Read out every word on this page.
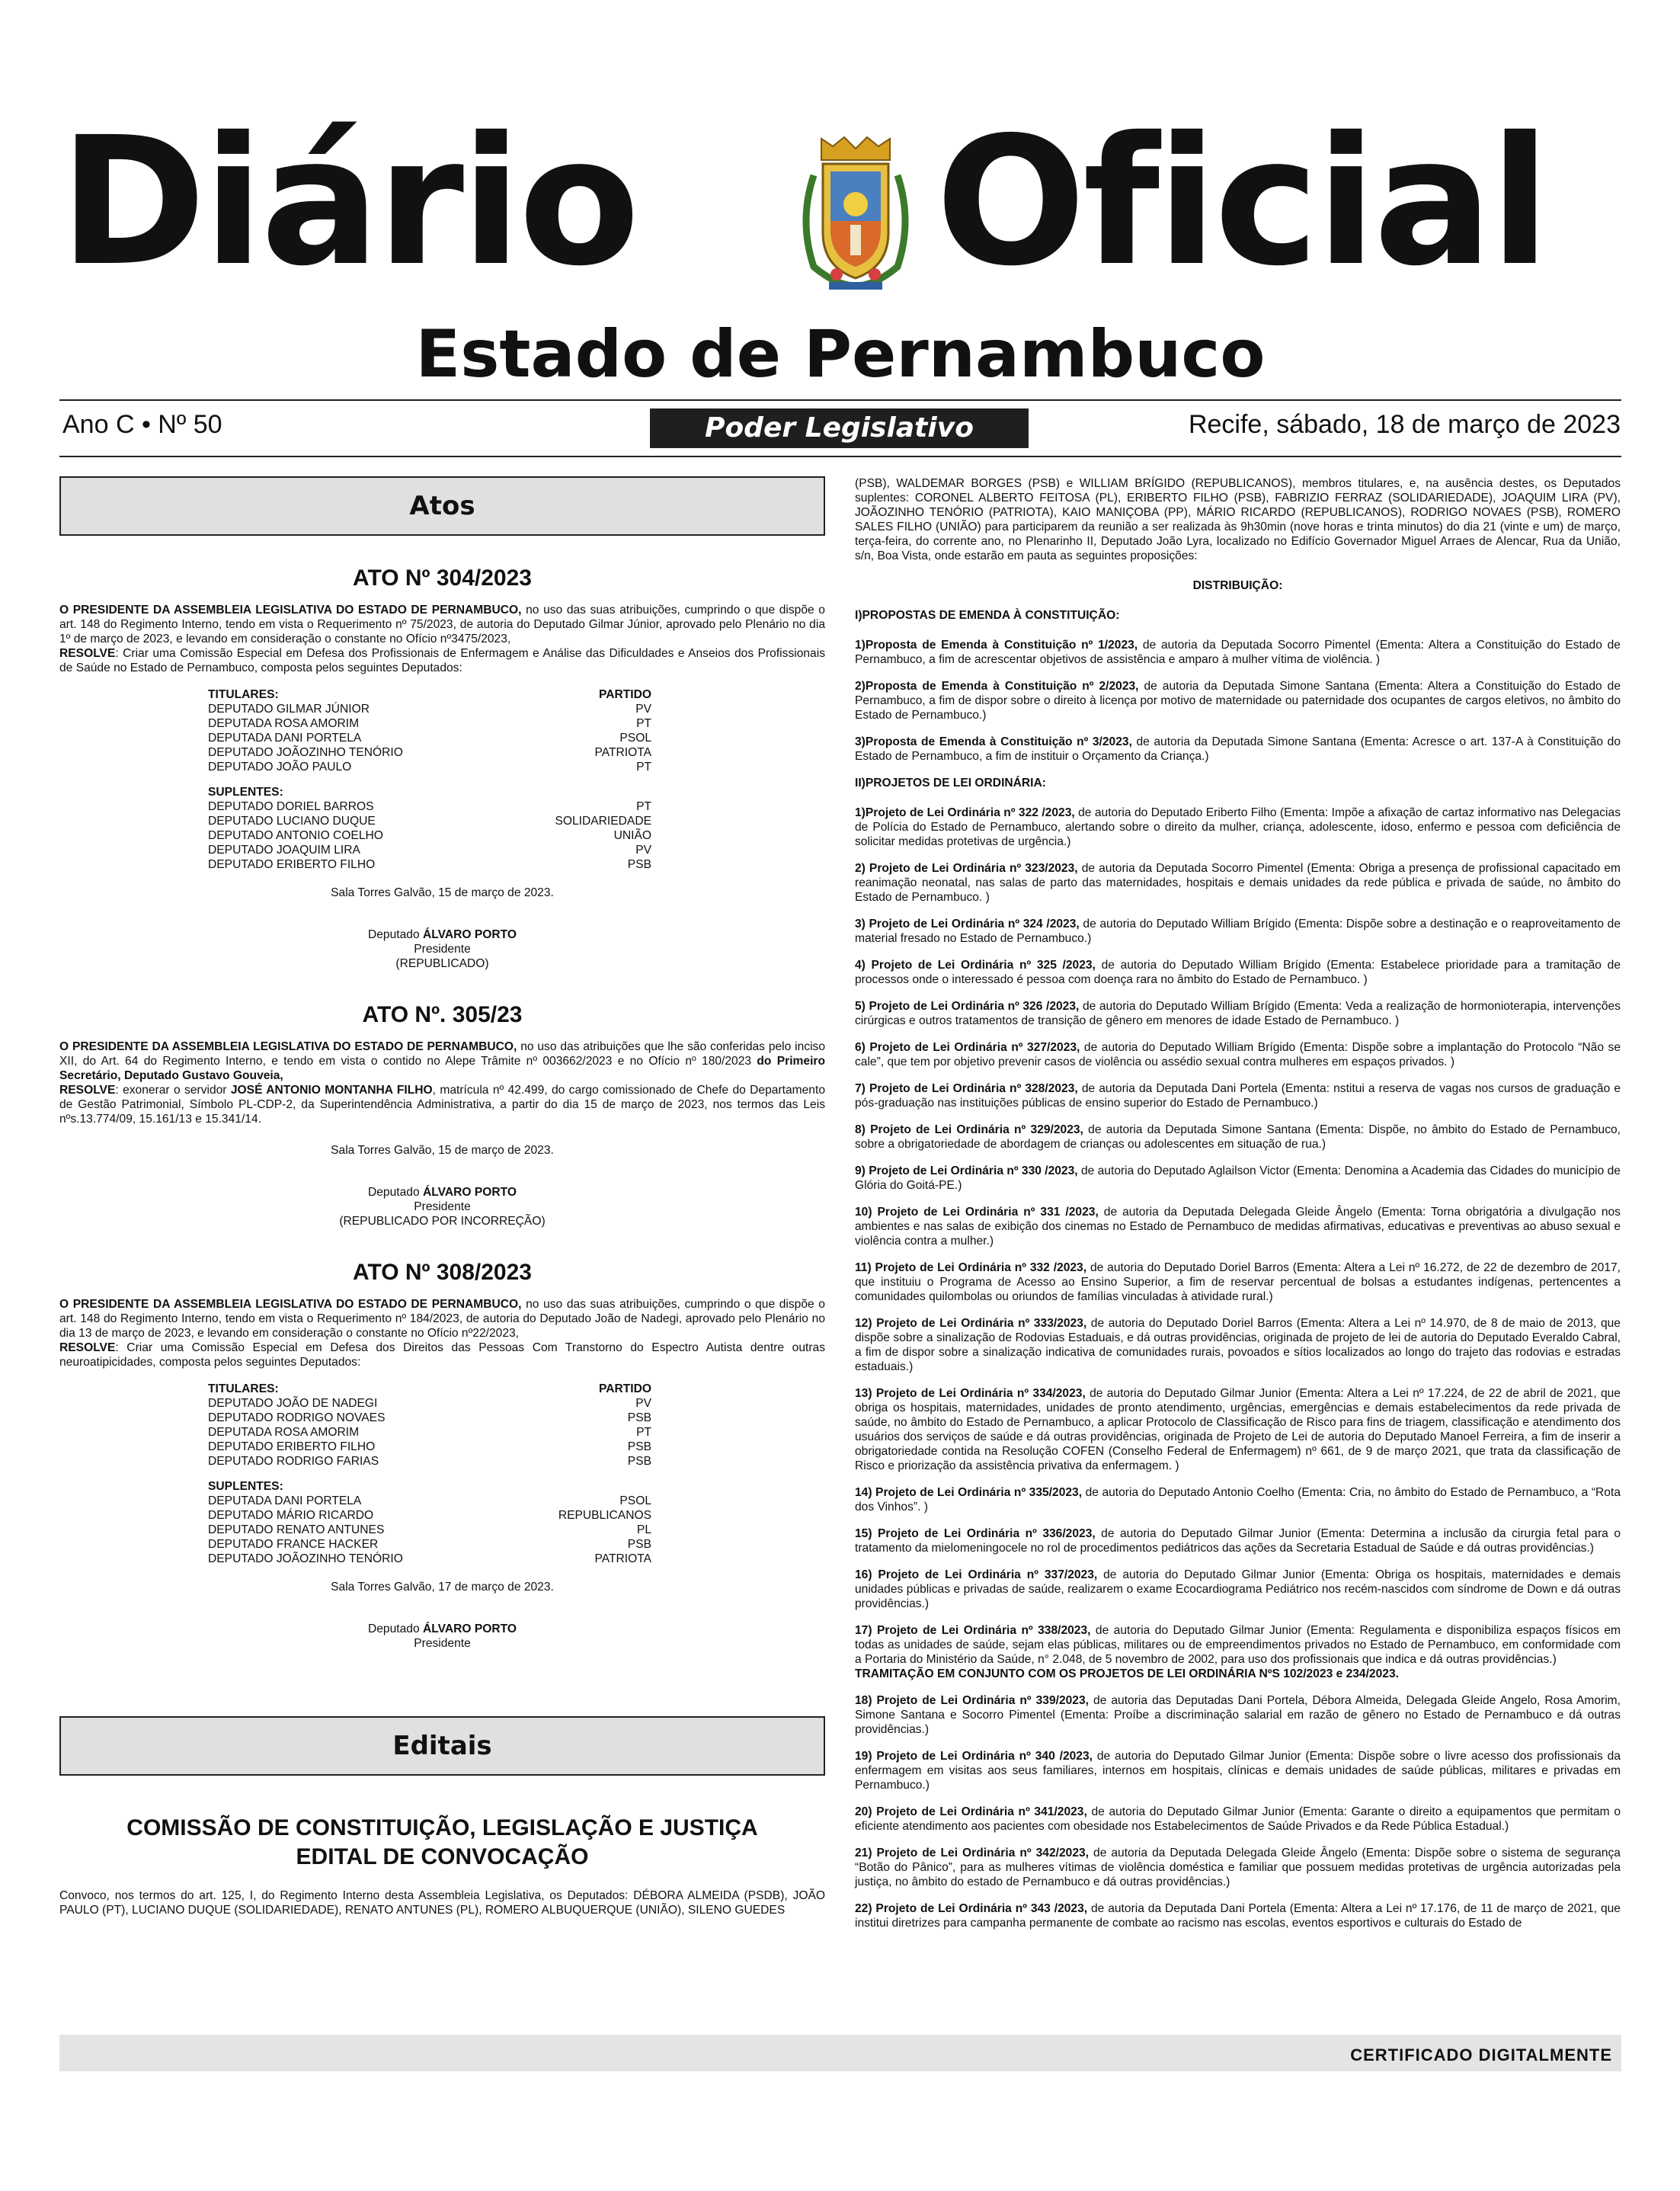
Diário Oficial
Estado de Pernambuco
Ano C • Nº 50	Poder Legislativo	Recife, sábado, 18 de março de 2023
Atos
ATO Nº 304/2023

O PRESIDENTE DA ASSEMBLEIA LEGISLATIVA DO ESTADO DE PERNAMBUCO, no uso das suas atribuições, cumprindo o que dispõe o art. 148 do Regimento Interno, tendo em vista o Requerimento nº 75/2023, de autoria do Deputado Gilmar Júnior, aprovado pelo Plenário no dia 1º de março de 2023, e levando em consideração o constante no Ofício nº3475/2023,

RESOLVE: Criar uma Comissão Especial em Defesa dos Profissionais de Enfermagem e Análise das Dificuldades e Anseios dos Profissionais de Saúde no Estado de Pernambuco, composta pelos seguintes Deputados:

TITULARES:	PARTIDO
DEPUTADO GILMAR JÚNIOR	PV
DEPUTADA ROSA AMORIM	PT
DEPUTADA DANI PORTELA	PSOL
DEPUTADO JOÃOZINHO TENÓRIO	PATRIOTA
DEPUTADO JOÃO PAULO	PT

SUPLENTES:	
DEPUTADO DORIEL BARROS	PT
DEPUTADO LUCIANO DUQUE	SOLIDARIEDADE
DEPUTADO ANTONIO COELHO	UNIÃO
DEPUTADO JOAQUIM LIRA	PV
DEPUTADO ERIBERTO FILHO	PSB
Sala Torres Galvão, 15 de março de 2023.
Deputado ÁLVARO PORTO
Presidente
(REPUBLICADO)
ATO Nº. 305/23

O PRESIDENTE DA ASSEMBLEIA LEGISLATIVA DO ESTADO DE PERNAMBUCO, no uso das atribuições que lhe são conferidas pelo inciso XII, do Art. 64 do Regimento Interno, e tendo em vista o contido no Alepe Trâmite nº 003662/2023 e no Ofício nº 180/2023 do Primeiro Secretário, Deputado Gustavo Gouveia,

RESOLVE: exonerar o servidor JOSÉ ANTONIO MONTANHA FILHO, matrícula nº 42.499, do cargo comissionado de Chefe do Departamento de Gestão Patrimonial, Símbolo PL-CDP-2, da Superintendência Administrativa, a partir do dia 15 de março de 2023, nos termos das Leis nºs.13.774/09, 15.161/13 e 15.341/14.

Sala Torres Galvão, 15 de março de 2023.
Deputado ÁLVARO PORTO
Presidente
(REPUBLICADO POR INCORREÇÃO)
ATO Nº 308/2023

O PRESIDENTE DA ASSEMBLEIA LEGISLATIVA DO ESTADO DE PERNAMBUCO, no uso das suas atribuições, cumprindo o que dispõe o art. 148 do Regimento Interno, tendo em vista o Requerimento nº 184/2023, de autoria do Deputado João de Nadegi, aprovado pelo Plenário no dia 13 de março de 2023, e levando em consideração o constante no Ofício nº22/2023,

RESOLVE: Criar uma Comissão Especial em Defesa dos Direitos das Pessoas Com Transtorno do Espectro Autista dentre outras neuroatipicidades, composta pelos seguintes Deputados:

TITULARES:	PARTIDO
DEPUTADO JOÃO DE NADEGI	PV
DEPUTADO RODRIGO NOVAES	PSB
DEPUTADA ROSA AMORIM	PT
DEPUTADO ERIBERTO FILHO	PSB
DEPUTADO RODRIGO FARIAS	PSB

SUPLENTES:	
DEPUTADA DANI PORTELA	PSOL
DEPUTADO MÁRIO RICARDO	REPUBLICANOS
DEPUTADO RENATO ANTUNES	PL
DEPUTADO FRANCE HACKER	PSB
DEPUTADO JOÃOZINHO TENÓRIO	PATRIOTA
Sala Torres Galvão, 17 de março de 2023.
Deputado ÁLVARO PORTO
Presidente
Editais
COMISSÃO DE CONSTITUIÇÃO, LEGISLAÇÃO E JUSTIÇA
EDITAL DE CONVOCAÇÃO

Convoco, nos termos do art. 125, I, do Regimento Interno desta Assembleia Legislativa, os Deputados: DÉBORA ALMEIDA (PSDB), JOÃO PAULO (PT), LUCIANO DUQUE (SOLIDARIEDADE), RENATO ANTUNES (PL), ROMERO ALBUQUERQUE (UNIÃO), SILENO GUEDES

(PSB), WALDEMAR BORGES (PSB) e WILLIAM BRÍGIDO (REPUBLICANOS), membros titulares, e, na ausência destes, os Deputados suplentes: CORONEL ALBERTO FEITOSA (PL), ERIBERTO FILHO (PSB), FABRIZIO FERRAZ (SOLIDARIEDADE), JOAQUIM LIRA (PV), JOÃOZINHO TENÓRIO (PATRIOTA), KAIO MANIÇOBA (PP), MÁRIO RICARDO (REPUBLICANOS), RODRIGO NOVAES (PSB), ROMERO SALES FILHO (UNIÃO) para participarem da reunião a ser realizada às 9h30min (nove horas e trinta minutos) do dia 21 (vinte e um) de março, terça-feira, do corrente ano, no Plenarinho II, Deputado João Lyra, localizado no Edifício Governador Miguel Arraes de Alencar, Rua da União, s/n, Boa Vista, onde estarão em pauta as seguintes proposições:

DISTRIBUIÇÃO:
I)PROPOSTAS DE EMENDA À CONSTITUIÇÃO:

1)Proposta de Emenda à Constituição nº 1/2023, de autoria da Deputada Socorro Pimentel (Ementa: Altera a Constituição do Estado de Pernambuco, a fim de acrescentar objetivos de assistência e amparo à mulher vítima de violência. )

2)Proposta de Emenda à Constituição nº 2/2023, de autoria da Deputada Simone Santana (Ementa: Altera a Constituição do Estado de Pernambuco, a fim de dispor sobre o direito à licença por motivo de maternidade ou paternidade dos ocupantes de cargos eletivos, no âmbito do Estado de Pernambuco.)

3)Proposta de Emenda à Constituição nº 3/2023, de autoria da Deputada Simone Santana (Ementa: Acresce o art. 137-A à Constituição do Estado de Pernambuco, a fim de instituir o Orçamento da Criança.)

II)PROJETOS DE LEI ORDINÁRIA:

1)Projeto de Lei Ordinária nº 322 /2023, de autoria do Deputado Eriberto Filho (Ementa: Impõe a afixação de cartaz informativo nas Delegacias de Polícia do Estado de Pernambuco, alertando sobre o direito da mulher, criança, adolescente, idoso, enfermo e pessoa com deficiência de solicitar medidas protetivas de urgência.)

2) Projeto de Lei Ordinária nº 323/2023, de autoria da Deputada Socorro Pimentel (Ementa: Obriga a presença de profissional capacitado em reanimação neonatal, nas salas de parto das maternidades, hospitais e demais unidades da rede pública e privada de saúde, no âmbito do Estado de Pernambuco. )

3) Projeto de Lei Ordinária nº 324 /2023, de autoria do Deputado William Brígido (Ementa: Dispõe sobre a destinação e o reaproveitamento de material fresado no Estado de Pernambuco.)

4) Projeto de Lei Ordinária nº 325 /2023, de autoria do Deputado William Brígido (Ementa: Estabelece prioridade para a tramitação de processos onde o interessado é pessoa com doença rara no âmbito do Estado de Pernambuco. )

5) Projeto de Lei Ordinária nº 326 /2023, de autoria do Deputado William Brígido (Ementa: Veda a realização de hormonioterapia, intervenções cirúrgicas e outros tratamentos de transição de gênero em menores de idade Estado de Pernambuco. )

6) Projeto de Lei Ordinária nº 327/2023, de autoria do Deputado William Brígido (Ementa: Dispõe sobre a implantação do Protocolo “Não se cale”, que tem por objetivo prevenir casos de violência ou assédio sexual contra mulheres em espaços privados. )

7) Projeto de Lei Ordinária nº 328/2023, de autoria da Deputada Dani Portela (Ementa: nstitui a reserva de vagas nos cursos de graduação e pós-graduação nas instituições públicas de ensino superior do Estado de Pernambuco.)

8) Projeto de Lei Ordinária nº 329/2023, de autoria da Deputada Simone Santana (Ementa: Dispõe, no âmbito do Estado de Pernambuco, sobre a obrigatoriedade de abordagem de crianças ou adolescentes em situação de rua.)

9) Projeto de Lei Ordinária nº 330 /2023, de autoria do Deputado Aglailson Victor (Ementa: Denomina a Academia das Cidades do município de Glória do Goitá-PE.)

10) Projeto de Lei Ordinária nº 331 /2023, de autoria da Deputada Delegada Gleide Ângelo (Ementa: Torna obrigatória a divulgação nos ambientes e nas salas de exibição dos cinemas no Estado de Pernambuco de medidas afirmativas, educativas e preventivas ao abuso sexual e violência contra a mulher.)

11) Projeto de Lei Ordinária nº 332 /2023, de autoria do Deputado Doriel Barros (Ementa: Altera a Lei nº 16.272, de 22 de dezembro de 2017, que instituiu o Programa de Acesso ao Ensino Superior, a fim de reservar percentual de bolsas a estudantes indígenas, pertencentes a comunidades quilombolas ou oriundos de famílias vinculadas à atividade rural.)

12) Projeto de Lei Ordinária nº 333/2023, de autoria do Deputado Doriel Barros (Ementa: Altera a Lei nº 14.970, de 8 de maio de 2013, que dispõe sobre a sinalização de Rodovias Estaduais, e dá outras providências, originada de projeto de lei de autoria do Deputado Everaldo Cabral, a fim de dispor sobre a sinalização indicativa de comunidades rurais, povoados e sítios localizados ao longo do trajeto das rodovias e estradas estaduais.)

13) Projeto de Lei Ordinária nº 334/2023, de autoria do Deputado Gilmar Junior (Ementa: Altera a Lei nº 17.224, de 22 de abril de 2021, que obriga os hospitais, maternidades, unidades de pronto atendimento, urgências, emergências e demais estabelecimentos da rede privada de saúde, no âmbito do Estado de Pernambuco, a aplicar Protocolo de Classificação de Risco para fins de triagem, classificação e atendimento dos usuários dos serviços de saúde e dá outras providências, originada de Projeto de Lei de autoria do Deputado Manoel Ferreira, a fim de inserir a obrigatoriedade contida na Resolução COFEN (Conselho Federal de Enfermagem) nº 661, de 9 de março 2021, que trata da classificação de Risco e priorização da assistência privativa da enfermagem. )

14) Projeto de Lei Ordinária nº 335/2023, de autoria do Deputado Antonio Coelho (Ementa: Cria, no âmbito do Estado de Pernambuco, a “Rota dos Vinhos”. )

15) Projeto de Lei Ordinária nº 336/2023, de autoria do Deputado Gilmar Junior (Ementa: Determina a inclusão da cirurgia fetal para o tratamento da mielomeningocele no rol de procedimentos pediátricos das ações da Secretaria Estadual de Saúde e dá outras providências.)

16) Projeto de Lei Ordinária nº 337/2023, de autoria do Deputado Gilmar Junior (Ementa: Obriga os hospitais, maternidades e demais unidades públicas e privadas de saúde, realizarem o exame Ecocardiograma Pediátrico nos recém-nascidos com síndrome de Down e dá outras providências.)

17) Projeto de Lei Ordinária nº 338/2023, de autoria do Deputado Gilmar Junior (Ementa: Regulamenta e disponibiliza espaços físicos em todas as unidades de saúde, sejam elas públicas, militares ou de empreendimentos privados no Estado de Pernambuco, em conformidade com a Portaria do Ministério da Saúde, n° 2.048, de 5 novembro de 2002, para uso dos profissionais que indica e dá outras providências.)
TRAMITAÇÃO EM CONJUNTO COM OS PROJETOS DE LEI ORDINÁRIA NºS 102/2023 e 234/2023.

18) Projeto de Lei Ordinária nº 339/2023, de autoria das Deputadas Dani Portela, Débora Almeida, Delegada Gleide Angelo, Rosa Amorim, Simone Santana e Socorro Pimentel (Ementa: Proíbe a discriminação salarial em razão de gênero no Estado de Pernambuco e dá outras providências.)

19) Projeto de Lei Ordinária nº 340 /2023, de autoria do Deputado Gilmar Junior (Ementa: Dispõe sobre o livre acesso dos profissionais da enfermagem em visitas aos seus familiares, internos em hospitais, clínicas e demais unidades de saúde públicas, militares e privadas em Pernambuco.)

20) Projeto de Lei Ordinária nº 341/2023, de autoria do Deputado Gilmar Junior (Ementa: Garante o direito a equipamentos que permitam o eficiente atendimento aos pacientes com obesidade nos Estabelecimentos de Saúde Privados e da Rede Pública Estadual.)

21) Projeto de Lei Ordinária nº 342/2023, de autoria da Deputada Delegada Gleide Ângelo (Ementa: Dispõe sobre o sistema de segurança “Botão do Pânico”, para as mulheres vítimas de violência doméstica e familiar que possuem medidas protetivas de urgência autorizadas pela justiça, no âmbito do estado de Pernambuco e dá outras providências.)

22) Projeto de Lei Ordinária nº 343 /2023, de autoria da Deputada Dani Portela (Ementa: Altera a Lei nº 17.176, de 11 de março de 2021, que institui diretrizes para campanha permanente de combate ao racismo nas escolas, eventos esportivos e culturais do Estado de

CERTIFICADO DIGITALMENTE
